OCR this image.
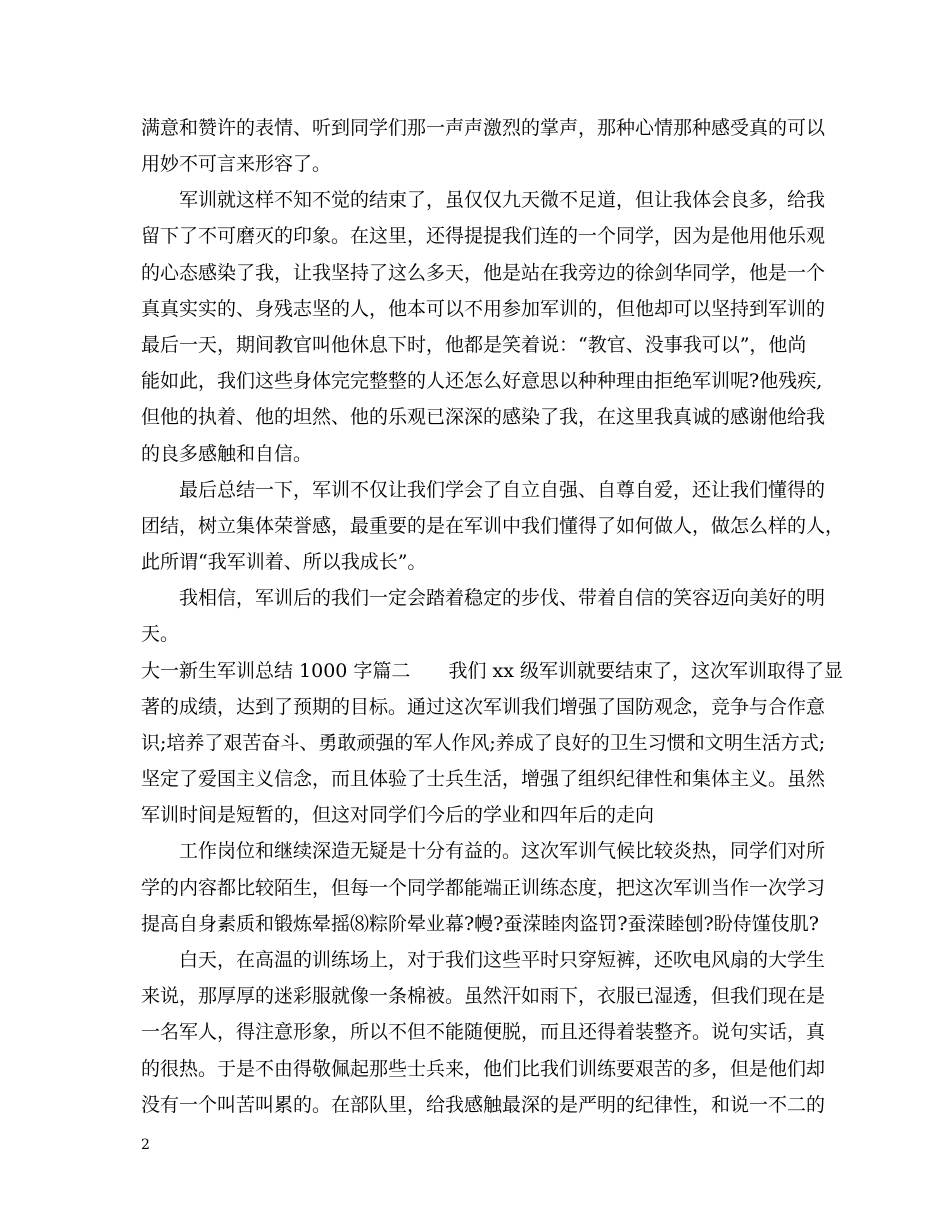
满意和赞许的表情、听到同学们那一声声激烈的掌声，那种心情那种感受真的可以
用妙不可言来形容了。
军训就这样不知不觉的结束了，虽仅仅九天微不足道，但让我体会良多，给我
留下了不可磨灭的印象。在这里，还得提提我们连的一个同学，因为是他用他乐观
的心态感染了我，让我坚持了这么多天，他是站在我旁边的徐剑华同学，他是一个
真真实实的、身残志坚的人，他本可以不用参加军训的，但他却可以坚持到军训的
最后一天，期间教官叫他休息下时，他都是笑着说：“教官、没事我可以”，他尚
能如此，我们这些身体完完整整的人还怎么好意思以种种理由拒绝军训呢?他残疾,
但他的执着、他的坦然、他的乐观已深深的感染了我，在这里我真诚的感谢他给我
的良多感触和自信。
最后总结一下，军训不仅让我们学会了自立自强、自尊自爱，还让我们懂得的
团结，树立集体荣誉感，最重要的是在军训中我们懂得了如何做人，做怎么样的人，
此所谓“我军训着、所以我成长”。
我相信，军训后的我们一定会踏着稳定的步伐、带着自信的笑容迈向美好的明
天。
大一新生军训总结 1000 字篇二 我们 xx 级军训就要结束了，这次军训取得了显
著的成绩，达到了预期的目标。通过这次军训我们增强了国防观念，竞争与合作意
识;培养了艰苦奋斗、勇敢顽强的军人作风;养成了良好的卫生习惯和文明生活方式;
坚定了爱国主义信念，而且体验了士兵生活，增强了组织纪律性和集体主义。虽然
军训时间是短暂的，但这对同学们今后的学业和四年后的走向
工作岗位和继续深造无疑是十分有益的。这次军训气候比较炎热，同学们对所
学的内容都比较陌生，但每一个同学都能端正训练态度，把这次军训当作一次学习
提高自身素质和锻炼晕摇⑻粽阶晕业幕?幔?蚕溁睦肉盗罚?蚕溁睦刨?盼侍馑伎肌?
白天，在高温的训练场上，对于我们这些平时只穿短裤，还吹电风扇的大学生
来说，那厚厚的迷彩服就像一条棉被。虽然汗如雨下，衣服已湿透，但我们现在是
一名军人，得注意形象，所以不但不能随便脱，而且还得着装整齐。说句实话，真
的很热。于是不由得敬佩起那些士兵来，他们比我们训练要艰苦的多，但是他们却
没有一个叫苦叫累的。在部队里，给我感触最深的是严明的纪律性，和说一不二的
2
